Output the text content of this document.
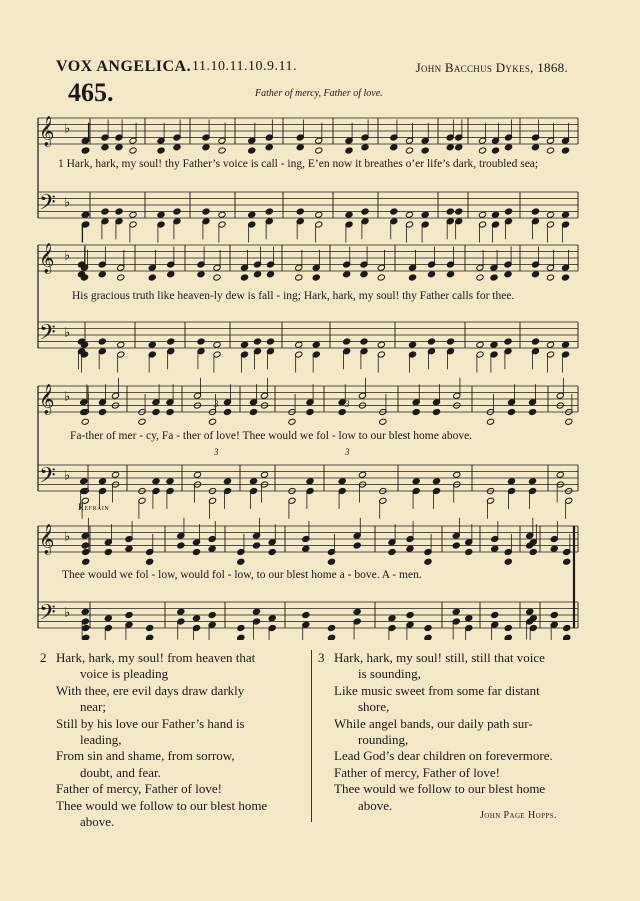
VOX ANGELICA. 11.10.11.10.9.11.	John Bacchus Dykes, 1868.
465.	Father of mercy, Father of love.
𝄞 ♭
𝄢 ♭
𝄞 ♭
𝄢 ♭
𝄞 ♭
𝄢 ♭
𝄞 ♭
𝄢 ♭
3	3
3	3
1 Hark, hark, my soul! thy Father’s voice is call - ing, E’en now it breathes o’er life’s dark, troubled sea;
His gracious truth like heaven-ly dew is fall - ing; Hark, hark, my soul! thy Father calls for thee.
Fa-ther of mer - cy, Fa - ther of love! Thee would we fol - low to our blest home above.
Refrain
Thee would we fol - low, would fol - low, to our blest home a - bove. A - men.
2 Hark, hark, my soul! from heaven that
voice is pleading
With thee, ere evil days draw darkly
near;
Still by his love our Father’s hand is
leading,
From sin and shame, from sorrow,
doubt, and fear.
Father of mercy, Father of love!
Thee would we follow to our blest home
above.
3 Hark, hark, my soul! still, still that voice
is sounding,
Like music sweet from some far distant
shore,
While angel bands, our daily path sur-
rounding,
Lead God’s dear children on forevermore.
Father of mercy, Father of love!
Thee would we follow to our blest home
above.
John Page Hopps.
